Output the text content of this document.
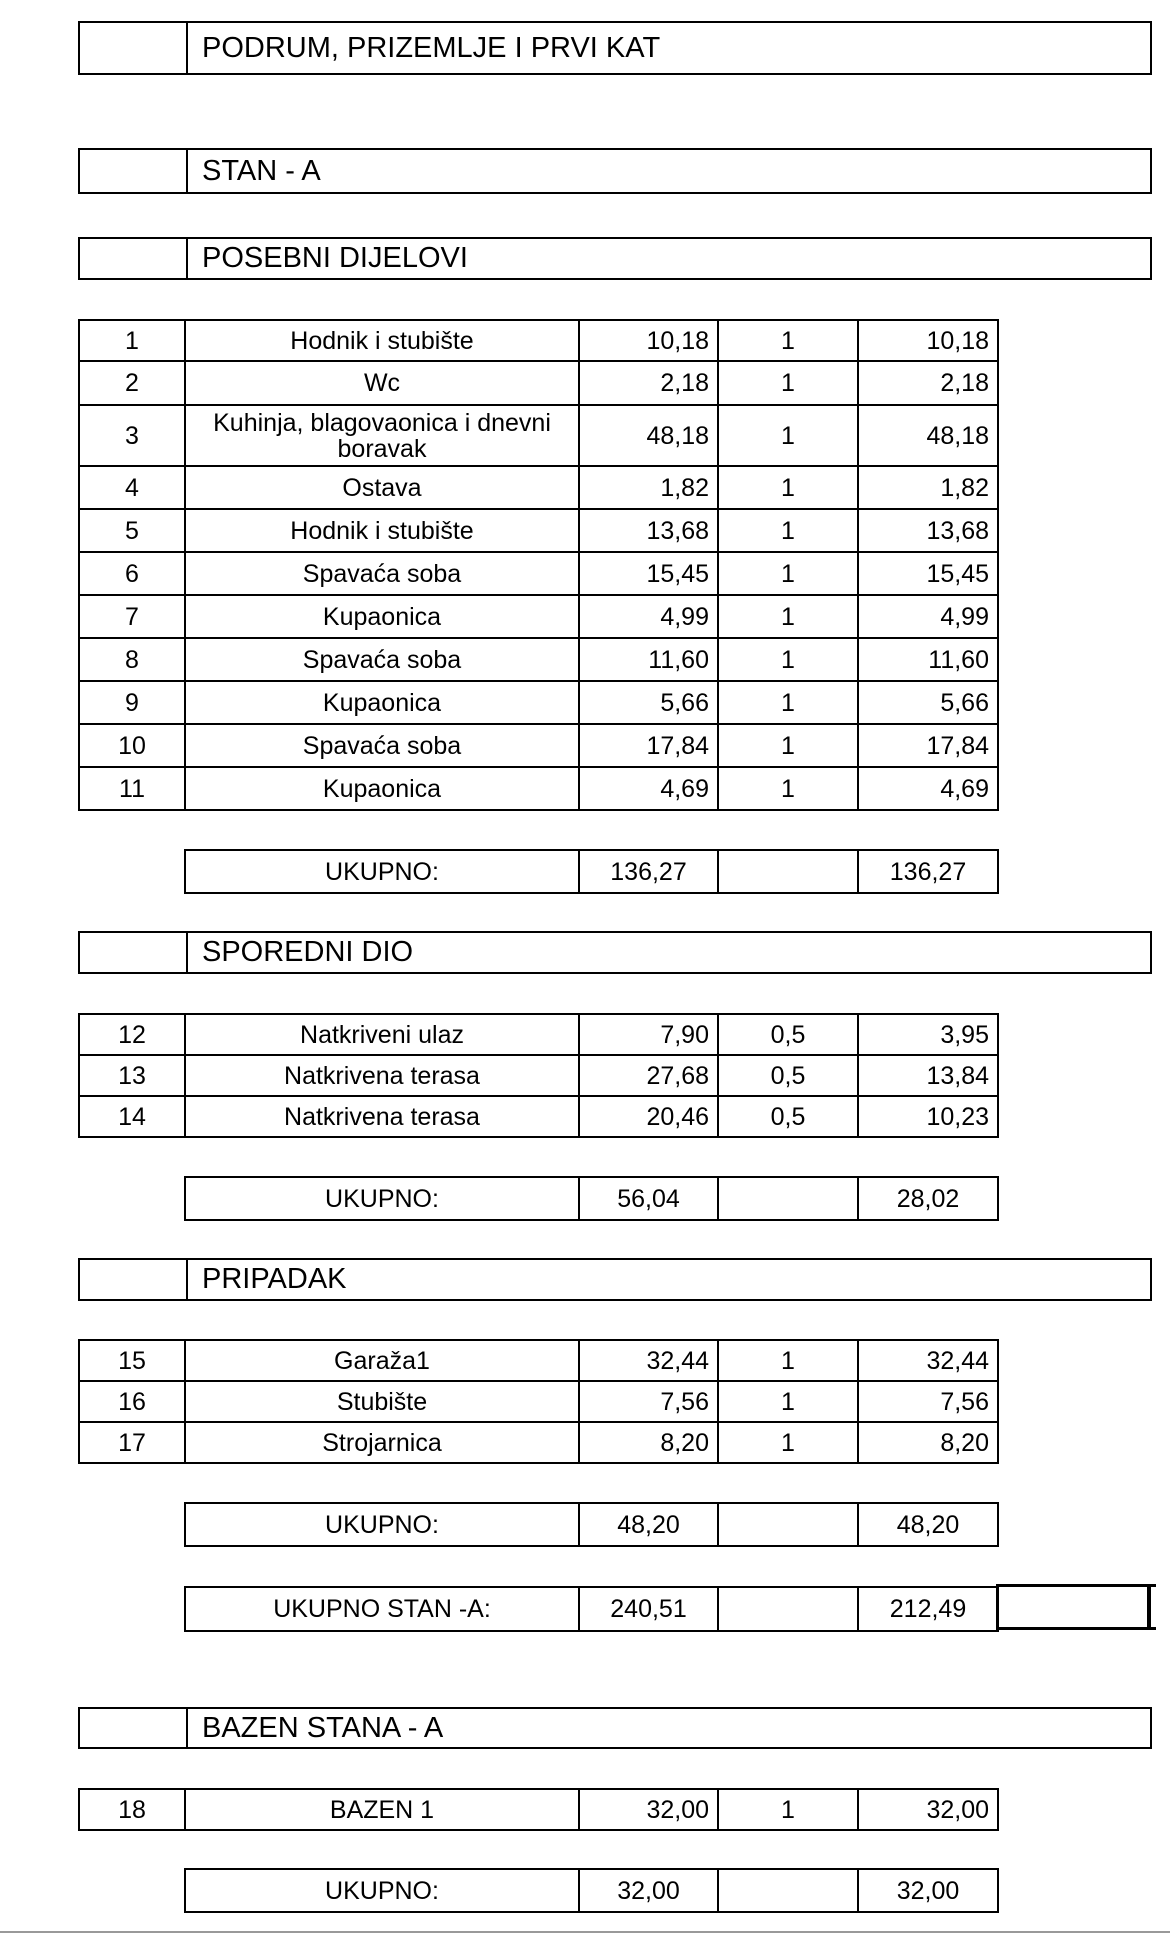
PODRUM, PRIZEMLJE I PRVI KAT
STAN - A
POSEBNI DIJELOVI
1	Hodnik i stubište	10,18	1	10,18
2	Wc	2,18	1	2,18
3	Kuhinja, blagovaonica i dnevni boravak	48,18	1	48,18
4	Ostava	1,82	1	1,82
5	Hodnik i stubište	13,68	1	13,68
6	Spavaća soba	15,45	1	15,45
7	Kupaonica	4,99	1	4,99
8	Spavaća soba	11,60	1	11,60
9	Kupaonica	5,66	1	5,66
10	Spavaća soba	17,84	1	17,84
11	Kupaonica	4,69	1	4,69
UKUPNO:	136,27		136,27
SPOREDNI DIO
12	Natkriveni ulaz	7,90	0,5	3,95
13	Natkrivena terasa	27,68	0,5	13,84
14	Natkrivena terasa	20,46	0,5	10,23
UKUPNO:	56,04		28,02
PRIPADAK
15	Garaža1	32,44	1	32,44
16	Stubište	7,56	1	7,56
17	Strojarnica	8,20	1	8,20
UKUPNO:	48,20		48,20
UKUPNO STAN -A:	240,51		212,49
BAZEN STANA - A
18	BAZEN 1	32,00	1	32,00
UKUPNO:	32,00		32,00
